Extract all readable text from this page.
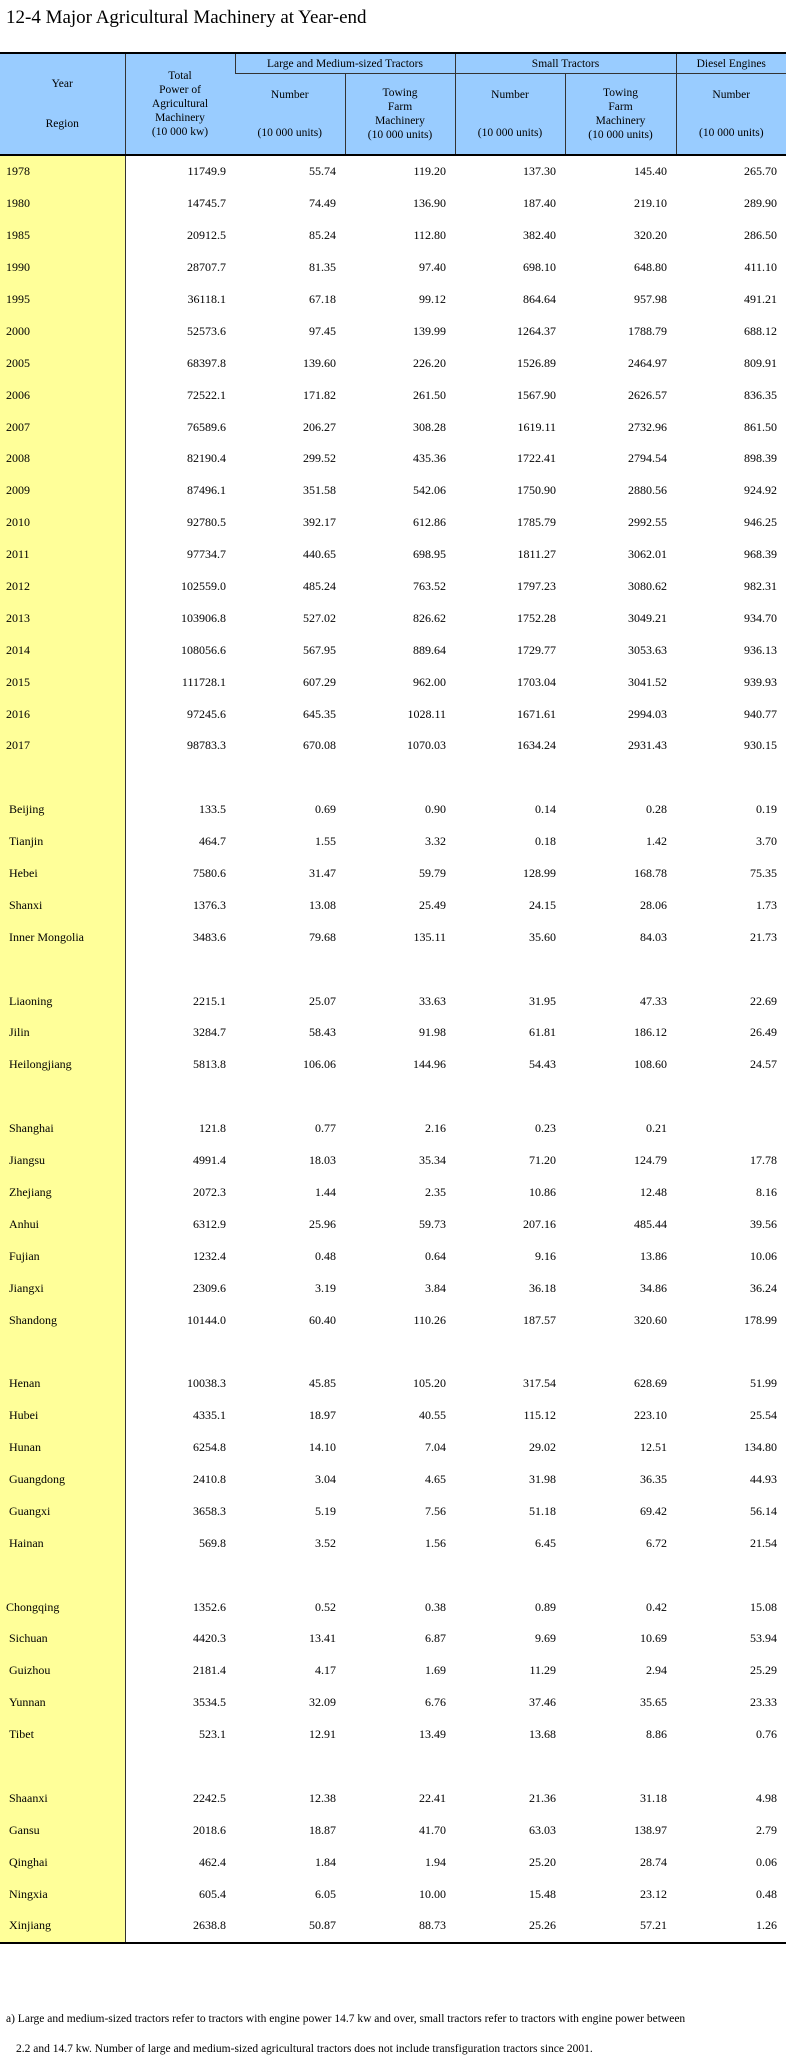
12-4 Major Agricultural Machinery at Year-end
Year
Region	Total
Power of
Agricultural
Machinery
(10 000 kw)	Large and Medium-sized Tractors		Small Tractors		Diesel Engines

		Number
(10 000 units)	Towing
Farm
Machinery
(10 000 units)	Number
(10 000 units)	Towing
Farm
Machinery
(10 000 units)	Number
(10 000 units)

1978	11749.9	55.74	119.20	137.30	145.40	265.70
1980	14745.7	74.49	136.90	187.40	219.10	289.90
1985	20912.5	85.24	112.80	382.40	320.20	286.50
1990	28707.7	81.35	97.40	698.10	648.80	411.10
1995	36118.1	67.18	99.12	864.64	957.98	491.21
2000	52573.6	97.45	139.99	1264.37	1788.79	688.12
2005	68397.8	139.60	226.20	1526.89	2464.97	809.91
2006	72522.1	171.82	261.50	1567.90	2626.57	836.35
2007	76589.6	206.27	308.28	1619.11	2732.96	861.50
2008	82190.4	299.52	435.36	1722.41	2794.54	898.39
2009	87496.1	351.58	542.06	1750.90	2880.56	924.92
2010	92780.5	392.17	612.86	1785.79	2992.55	946.25
2011	97734.7	440.65	698.95	1811.27	3062.01	968.39
2012	102559.0	485.24	763.52	1797.23	3080.62	982.31
2013	103906.8	527.02	826.62	1752.28	3049.21	934.70
2014	108056.6	567.95	889.64	1729.77	3053.63	936.13
2015	111728.1	607.29	962.00	1703.04	3041.52	939.93
2016	97245.6	645.35	1028.11	1671.61	2994.03	940.77
2017	98783.3	670.08	1070.03	1634.24	2931.43	930.15

Beijing	133.5	0.69	0.90	0.14	0.28	0.19
Tianjin	464.7	1.55	3.32	0.18	1.42	3.70
Hebei	7580.6	31.47	59.79	128.99	168.78	75.35
Shanxi	1376.3	13.08	25.49	24.15	28.06	1.73
Inner Mongolia	3483.6	79.68	135.11	35.60	84.03	21.73

Liaoning	2215.1	25.07	33.63	31.95	47.33	22.69
Jilin	3284.7	58.43	91.98	61.81	186.12	26.49
Heilongjiang	5813.8	106.06	144.96	54.43	108.60	24.57

Shanghai	121.8	0.77	2.16	0.23	0.21	
Jiangsu	4991.4	18.03	35.34	71.20	124.79	17.78
Zhejiang	2072.3	1.44	2.35	10.86	12.48	8.16
Anhui	6312.9	25.96	59.73	207.16	485.44	39.56
Fujian	1232.4	0.48	0.64	9.16	13.86	10.06
Jiangxi	2309.6	3.19	3.84	36.18	34.86	36.24
Shandong	10144.0	60.40	110.26	187.57	320.60	178.99

Henan	10038.3	45.85	105.20	317.54	628.69	51.99
Hubei	4335.1	18.97	40.55	115.12	223.10	25.54
Hunan	6254.8	14.10	7.04	29.02	12.51	134.80
Guangdong	2410.8	3.04	4.65	31.98	36.35	44.93
Guangxi	3658.3	5.19	7.56	51.18	69.42	56.14
Hainan	569.8	3.52	1.56	6.45	6.72	21.54

Chongqing	1352.6	0.52	0.38	0.89	0.42	15.08
Sichuan	4420.3	13.41	6.87	9.69	10.69	53.94
Guizhou	2181.4	4.17	1.69	11.29	2.94	25.29
Yunnan	3534.5	32.09	6.76	37.46	35.65	23.33
Tibet	523.1	12.91	13.49	13.68	8.86	0.76

Shaanxi	2242.5	12.38	22.41	21.36	31.18	4.98
Gansu	2018.6	18.87	41.70	63.03	138.97	2.79
Qinghai	462.4	1.84	1.94	25.20	28.74	0.06
Ningxia	605.4	6.05	10.00	15.48	23.12	0.48
Xinjiang	2638.8	50.87	88.73	25.26	57.21	1.26
a) Large and medium-sized tractors refer to tractors with engine power 14.7 kw and over, small tractors refer to tractors with engine power between
2.2 and 14.7 kw. Number of large and medium-sized agricultural tractors does not include transfiguration tractors since 2001.
